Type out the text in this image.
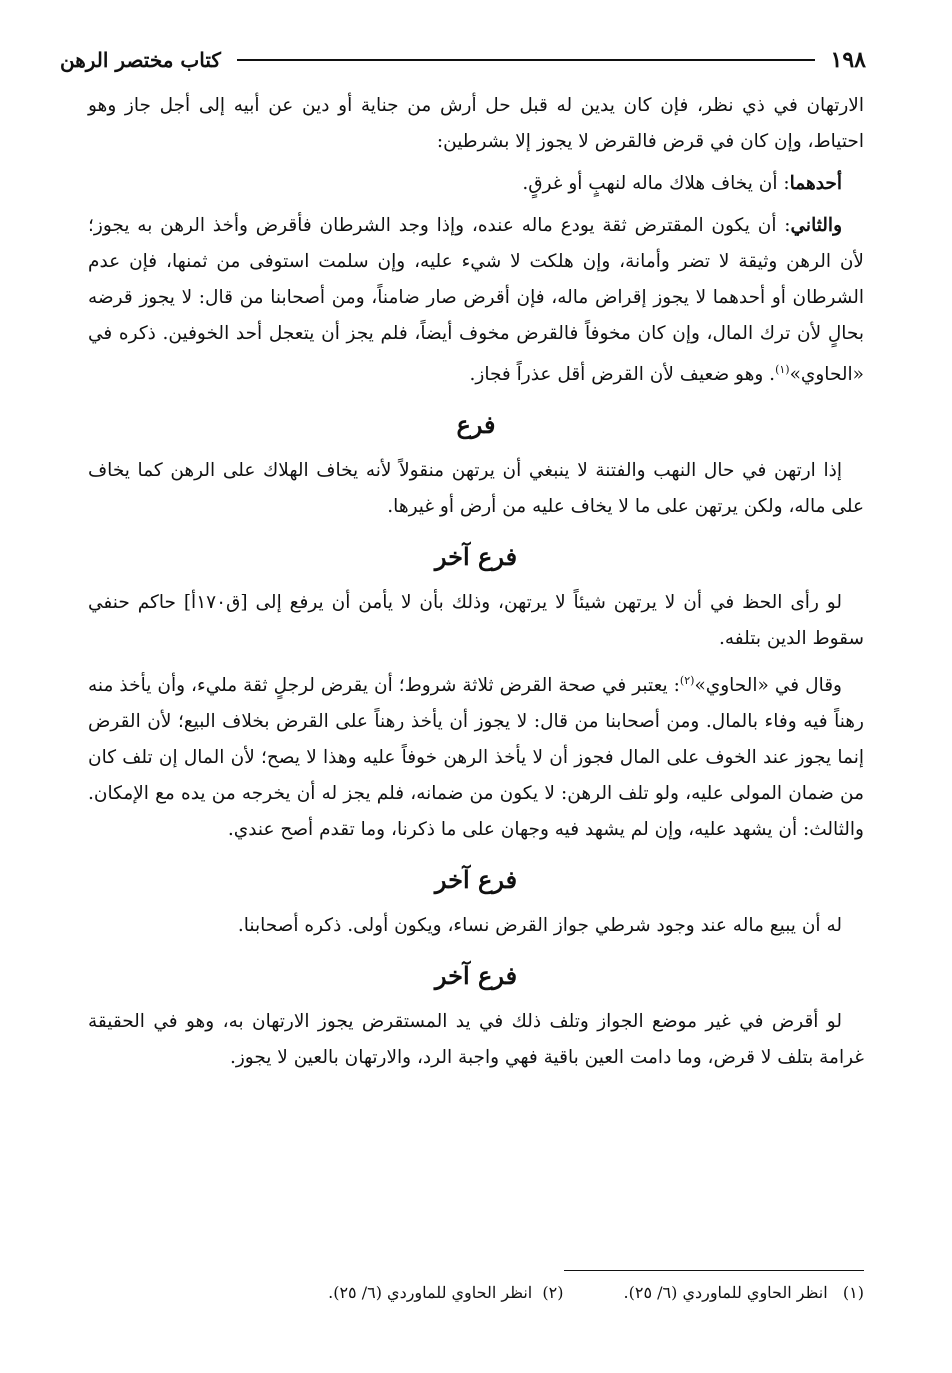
١٩٨
كتاب مختصر الرهن

الارتهان في ذي نظر، فإن كان يدين له قبل حل أرش من جناية أو دين عن أبيه إلى أجل جاز وهو احتياط، وإن كان في قرض فالقرض لا يجوز إلا بشرطين:

أحدهما: أن يخاف هلاك ماله لنهبٍ أو غرقٍ.

والثاني: أن يكون المقترض ثقة يودع ماله عنده، وإذا وجد الشرطان فأقرض وأخذ الرهن به يجوز؛ لأن الرهن وثيقة لا تضر وأمانة، وإن هلكت لا شيء عليه، وإن سلمت استوفى من ثمنها، فإن عدم الشرطان أو أحدهما لا يجوز إقراض ماله، فإن أقرض صار ضامناً، ومن أصحابنا من قال: لا يجوز قرضه بحالٍ لأن ترك المال، وإن كان مخوفاً فالقرض مخوف أيضاً، فلم يجز أن يتعجل أحد الخوفين. ذكره في «الحاوي»$^{(١)}$. وهو ضعيف لأن القرض أقل عذراً فجاز.

فرع

إذا ارتهن في حال النهب والفتنة لا ينبغي أن يرتهن منقولاً لأنه يخاف الهلاك على الرهن كما يخاف على ماله، ولكن يرتهن على ما لا يخاف عليه من أرض أو غيرها.

فرع آخر

لو رأى الحظ في أن لا يرتهن شيئاً لا يرتهن، وذلك بأن لا يأمن أن يرفع إلى [ق١٧٠أ] حاكم حنفي سقوط الدين بتلفه.

وقال في «الحاوي»$^{(٢)}$: يعتبر في صحة القرض ثلاثة شروط؛ أن يقرض لرجلٍ ثقة مليء، وأن يأخذ منه رهناً فيه وفاء بالمال. ومن أصحابنا من قال: لا يجوز أن يأخذ رهناً على القرض بخلاف البيع؛ لأن القرض إنما يجوز عند الخوف على المال فجوز أن لا يأخذ الرهن خوفاً عليه وهذا لا يصح؛ لأن المال إن تلف كان من ضمان المولى عليه، ولو تلف الرهن: لا يكون من ضمانه، فلم يجز له أن يخرجه من يده مع الإمكان. والثالث: أن يشهد عليه، وإن لم يشهد فيه وجهان على ما ذكرنا، وما تقدم أصح عندي.

فرع آخر

له أن يبيع ماله عند وجود شرطي جواز القرض نساء، ويكون أولى. ذكره أصحابنا.

فرع آخر

لو أقرض في غير موضع الجواز وتلف ذلك في يد المستقرض يجوز الارتهان به، وهو في الحقيقة غرامة بتلف لا قرض، وما دامت العين باقية فهي واجبة الرد، والارتهان بالعين لا يجوز.

(١)   انظر الحاوي للماوردي (٦/ ٢٥).
(٢)  انظر الحاوي للماوردي (٦/ ٢٥).
